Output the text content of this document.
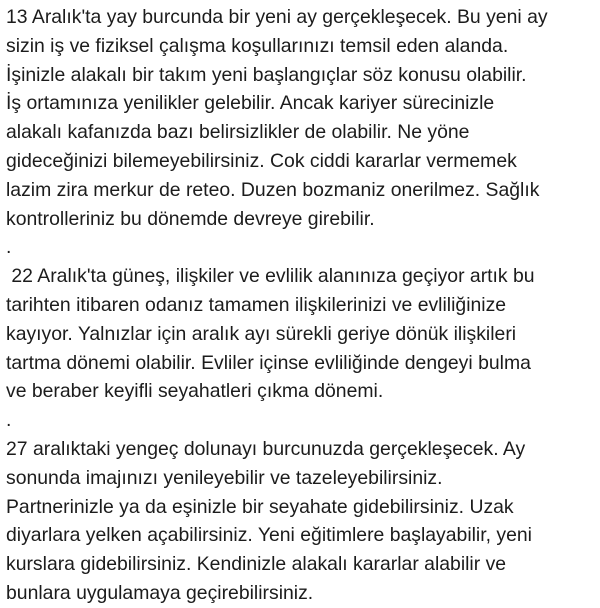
13 Aralık'ta yay burcunda bir yeni ay gerçekleşecek. Bu yeni ay
sizin iş ve fiziksel çalışma koşullarınızı temsil eden alanda.
İşinizle alakalı bir takım yeni başlangıçlar söz konusu olabilir.
İş ortamınıza yenilikler gelebilir. Ancak kariyer sürecinizle
alakalı kafanızda bazı belirsizlikler de olabilir. Ne yöne
gideceğinizi bilemeyebilirsiniz. Cok ciddi kararlar vermemek
lazim zira merkur de reteo. Duzen bozmaniz onerilmez. Sağlık
kontrolleriniz bu dönemde devreye girebilir.
.
22 Aralık'ta güneş, ilişkiler ve evlilik alanınıza geçiyor artık bu
tarihten itibaren odanız tamamen ilişkilerinizi ve evliliğinize
kayıyor. Yalnızlar için aralık ayı sürekli geriye dönük ilişkileri
tartma dönemi olabilir. Evliler içinse evliliğinde dengeyi bulma
ve beraber keyifli seyahatleri çıkma dönemi.
.
27 aralıktaki yengeç dolunayı burcunuzda gerçekleşecek. Ay
sonunda imajınızı yenileyebilir ve tazeleyebilirsiniz.
Partnerinizle ya da eşinizle bir seyahate gidebilirsiniz. Uzak
diyarlara yelken açabilirsiniz. Yeni eğitimlere başlayabilir, yeni
kurslara gidebilirsiniz. Kendinizle alakalı kararlar alabilir ve
bunlara uygulamaya geçirebilirsiniz.
